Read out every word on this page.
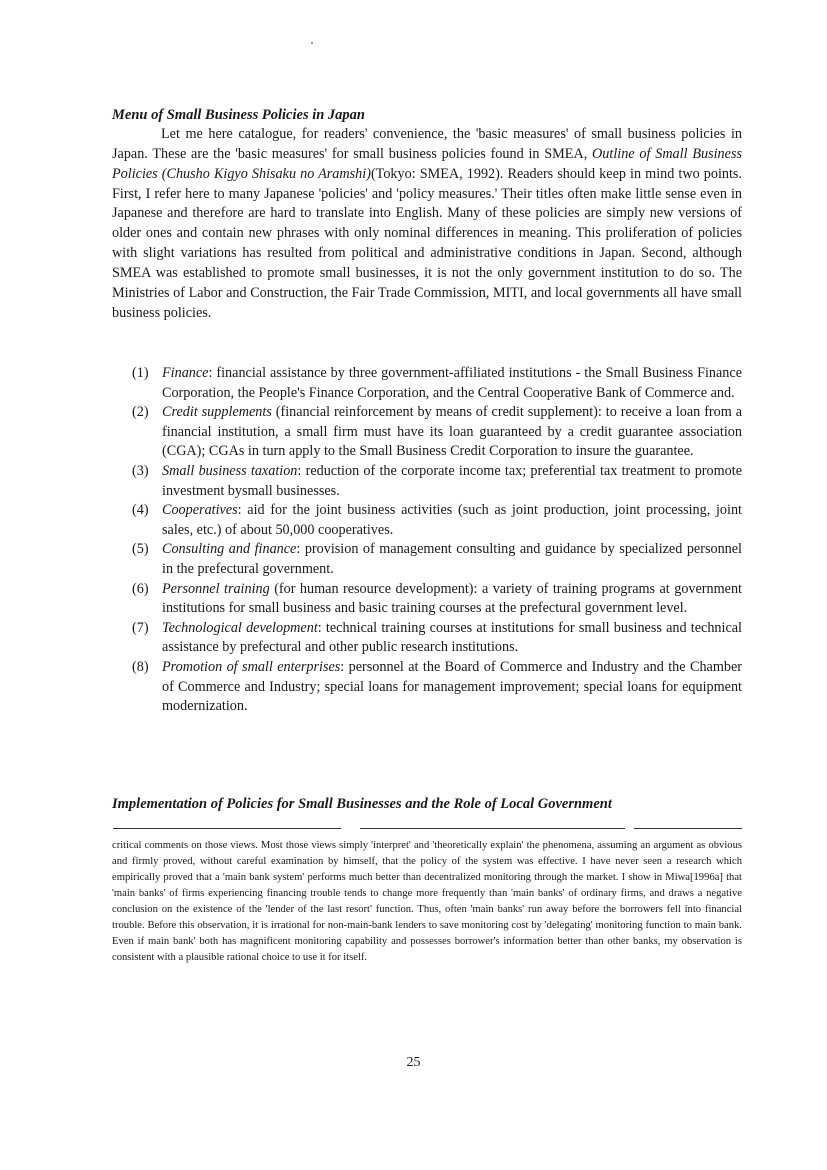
Menu of Small Business Policies in Japan

Let me here catalogue, for readers' convenience, the 'basic measures' of small business policies in Japan. These are the 'basic measures' for small business policies found in SMEA, Outline of Small Business Policies (Chusho Kigyo Shisaku no Aramshi)(Tokyo: SMEA, 1992). Readers should keep in mind two points. First, I refer here to many Japanese 'policies' and 'policy measures.' Their titles often make little sense even in Japanese and therefore are hard to translate into English. Many of these policies are simply new versions of older ones and contain new phrases with only nominal differences in meaning. This proliferation of policies with slight variations has resulted from political and administrative conditions in Japan. Second, although SMEA was established to promote small businesses, it is not the only government institution to do so. The Ministries of Labor and Construction, the Fair Trade Commission, MITI, and local governments all have small business policies.

(1) Finance: financial assistance by three government-affiliated institutions - the Small Business Finance Corporation, the People's Finance Corporation, and the Central Cooperative Bank of Commerce and.
(2) Credit supplements (financial reinforcement by means of credit supplement): to receive a loan from a financial institution, a small firm must have its loan guaranteed by a credit guarantee association (CGA); CGAs in turn apply to the Small Business Credit Corporation to insure the guarantee.
(3) Small business taxation: reduction of the corporate income tax; preferential tax treatment to promote investment bysmall businesses.
(4) Cooperatives: aid for the joint business activities (such as joint production, joint processing, joint sales, etc.) of about 50,000 cooperatives.
(5) Consulting and finance: provision of management consulting and guidance by specialized personnel in the prefectural government.
(6) Personnel training (for human resource development): a variety of training programs at government institutions for small business and basic training courses at the prefectural government level.
(7) Technological development: technical training courses at institutions for small business and technical assistance by prefectural and other public research institutions.
(8) Promotion of small enterprises: personnel at the Board of Commerce and Industry and the Chamber of Commerce and Industry; special loans for management improvement; special loans for equipment modernization.
Implementation of Policies for Small Businesses and the Role of Local Government

critical comments on those views. Most those views simply 'interpret' and 'theoretically explain' the phenomena, assuming an argument as obvious and firmly proved, without careful examination by himself, that the policy of the system was effective. I have never seen a research which empirically proved that a 'main bank system' performs much better than decentralized monitoring through the market. I show in Miwa[1996a] that 'main banks' of firms experiencing financing trouble tends to change more frequently than 'main banks' of ordinary firms, and draws a negative conclusion on the existence of the 'lender of the last resort' function. Thus, often 'main banks' run away before the borrowers fell into financial trouble. Before this observation, it is irrational for non-main-bank lenders to save monitoring cost by 'delegating' monitoring function to main bank. Even if main bank' both has magnificent monitoring capability and possesses borrower's information better than other banks, my observation is consistent with a plausible rational choice to use it for itself.

25
